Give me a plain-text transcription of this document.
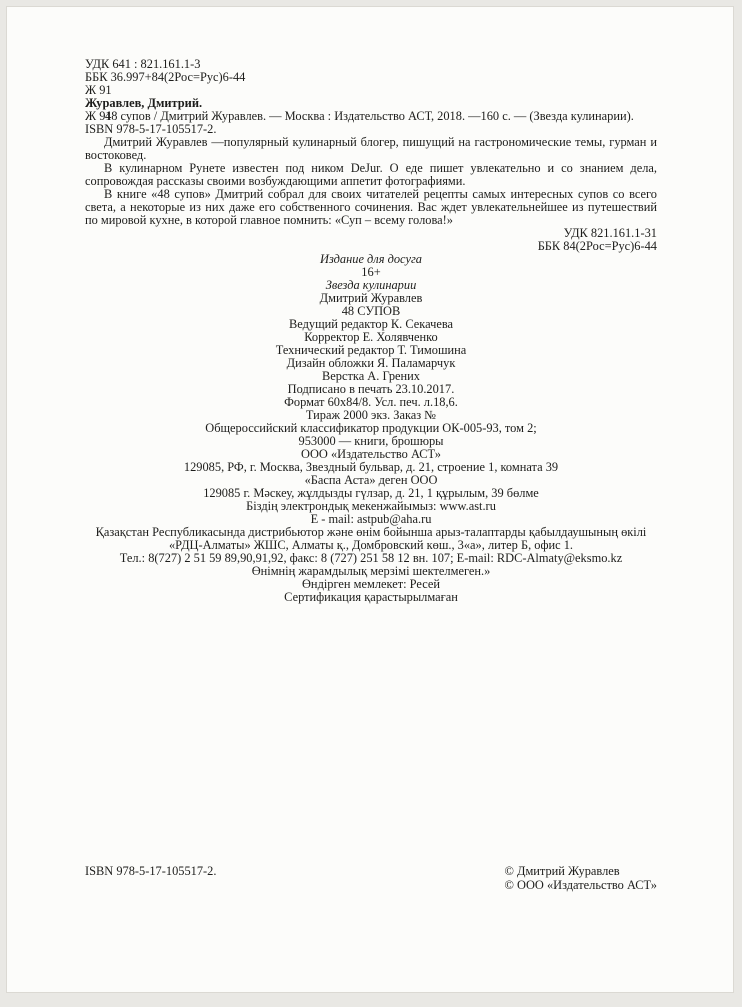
УДК 641 : 821.161.1-3
ББК 36.997+84(2Рос=Рус)6-44
Ж 91
Журавлев, Дмитрий.
Ж 91

48 супов / Дмитрий Журавлев. — Москва : Издательство АСТ, 2018. —160 с. — (Звезда кулинарии).

ISBN 978-5-17-105517-2.

Дмитрий Журавлев —популярный кулинарный блогер, пишущий на гастрономические темы, гурман и востоковед.

В кулинарном Рунете известен под ником DeJur. О еде пишет увлекательно и со знанием дела, сопровождая рассказы своими возбуждающими аппетит фотографиями.

В книге «48 супов» Дмитрий собрал для своих читателей рецепты самых интересных супов со всего света, а некоторые из них даже его собственного сочинения. Вас ждет увлекательнейшее из путешествий по мировой кухне, в которой главное помнить: «Суп – всему голова!»

УДК 821.161.1-31
ББК 84(2Рос=Рус)6-44
Издание для досуга
16+
Звезда кулинарии
Дмитрий Журавлев
48 СУПОВ
Ведущий редактор К. Секачева
Корректор Е. Холявченко
Технический редактор Т. Тимошина
Дизайн обложки Я. Паламарчук
Верстка А. Грених
Подписано в печать 23.10.2017.
Формат 60х84/8. Усл. печ. л.18,6.
Тираж 2000 экз. Заказ №
Общероссийский классификатор продукции ОК-005-93, том 2;
953000 — книги, брошюры
ООО «Издательство АСТ»
129085, РФ, г. Москва, Звездный бульвар, д. 21, строение 1, комната 39
«Баспа Аста» деген ООО
129085 г. Мәскеу, жұлдызды гүлзар, д. 21, 1 құрылым, 39 бөлме
Біздің электрондық мекенжайымыз: www.ast.ru
E - mail: astpub@aha.ru
Қазақстан Республикасында дистрибьютор және өнім бойынша арыз-талаптарды қабылдаушының өкілі
«РДЦ-Алматы» ЖШС, Алматы қ., Домбровский көш., 3«а», литер Б, офис 1.
Тел.: 8(727) 2 51 59 89,90,91,92, факс: 8 (727) 251 58 12 вн. 107; E-mail: RDC-Almaty@eksmo.kz
Өнімнің жарамдылық мерзімі шектелмеген.»
Өндірген мемлекет: Ресей
Сертификация қарастырылмаған
ISBN 978-5-17-105517-2.	© Дмитрий Журавлев
© ООО «Издательство АСТ»
